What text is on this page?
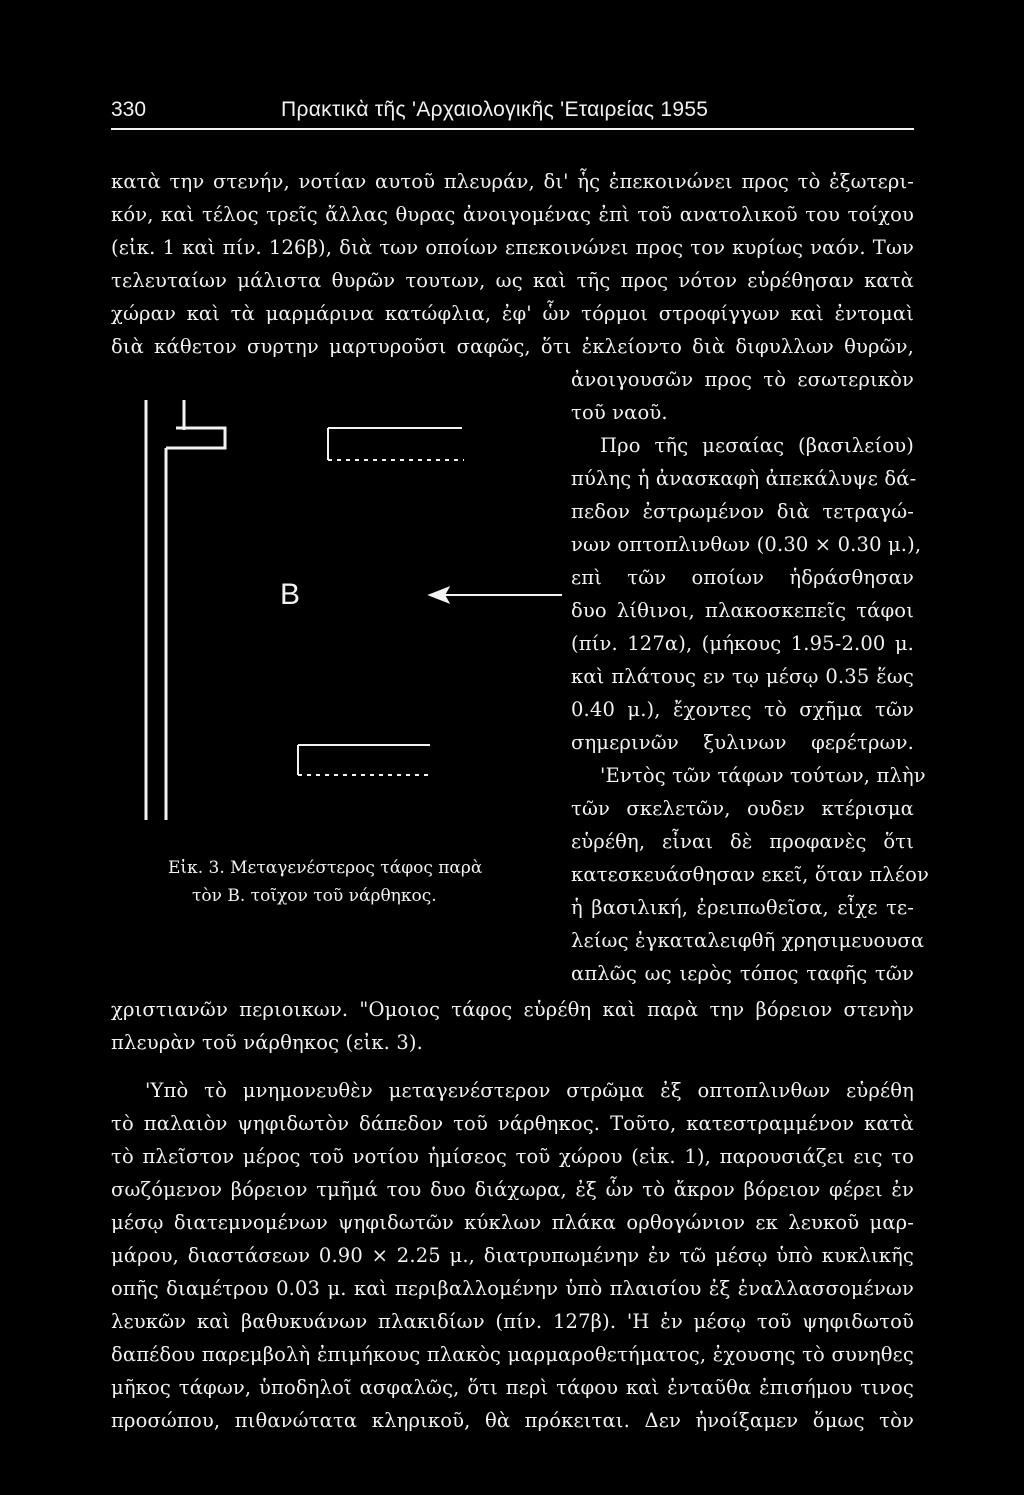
330	Πρακτικὰ τῆς 'Αρχαιολογικῆς 'Εταιρείας 1955
κατὰ την στενήν, νοτίαν αυτοῦ πλευράν, δι' ἧς ἐπεκοινώνει προς τὸ ἐξωτερι-
κόν, καὶ τέλος τρεῖς ἄλλας θυρας ἀνοιγομένας ἐπὶ τοῦ ανατολικοῦ του τοίχου
(εἰκ. 1 καὶ πίν. 126β), διὰ των οποίων επεκοινώνει προς τον κυρίως ναόν. Των
τελευταίων μάλιστα θυρῶν τουτων, ως καὶ τῆς προς νότον εὑρέθησαν κατὰ
χώραν καὶ τὰ μαρμάρινα κατώφλια, ἐφ' ὧν τόρμοι στροφίγγων καὶ ἐντομαὶ
διὰ κάθετον συρτην μαρτυροῦσι σαφῶς, ὅτι ἐκλείοντο διὰ διφυλλων θυρῶν,
ἀνοιγουσῶν προς τὸ εσωτερικὸν
τοῦ ναοῦ.
Προ τῆς μεσαίας (βασιλείου)
πύλης ἡ ἀνασκαφὴ ἀπεκάλυψε δά-
πεδον ἐστρωμένον διὰ τετραγώ-
νων οπτοπλινθων (0.30 × 0.30 μ.),
επὶ τῶν οποίων ἡδράσθησαν
δυο λίθινοι, πλακοσκεπεῖς τάφοι
(πίν. 127α), (μήκους 1.95-2.00 μ.
καὶ πλάτους εν τῳ μέσῳ 0.35 ἕως
0.40 μ.), ἔχοντες τὸ σχῆμα τῶν
σημερινῶν ξυλινων φερέτρων.
'Εντὸς τῶν τάφων τούτων, πλὴν
τῶν σκελετῶν, ουδεν κτέρισμα
εὑρέθη, εἶναι δὲ προφανὲς ὅτι
κατεσκευάσθησαν εκεῖ, ὅταν πλέον
ἡ βασιλική, ἐρειπωθεῖσα, εἶχε τε-
λείως ἐγκαταλειφθῆ χρησιμευουσα
απλῶς ως ιερὸς τόπος ταφῆς τῶν
B
Εἰκ. 3. Μεταγενέστερος τάφος παρὰ
τὸν Β. τοῖχον τοῦ νάρθηκος.
χριστιανῶν περιοικων. "Ομοιος τάφος εὑρέθη καὶ παρὰ την βόρειον στενὴν
πλευρὰν τοῦ νάρθηκος (εἰκ. 3).
'Υπὸ τὸ μνημονευθὲν μεταγενέστερον στρῶμα ἐξ οπτοπλινθων εὑρέθη
τὸ παλαιὸν ψηφιδωτὸν δάπεδον τοῦ νάρθηκος. Τοῦτο, κατεστραμμένον κατὰ
τὸ πλεῖστον μέρος τοῦ νοτίου ἡμίσεος τοῦ χώρου (εἰκ. 1), παρουσιάζει εις το
σωζόμενον βόρειον τμῆμά του δυο διάχωρα, ἐξ ὧν τὸ ἄκρον βόρειον φέρει ἐν
μέσῳ διατεμνομένων ψηφιδωτῶν κύκλων πλάκα ορθογώνιον εκ λευκοῦ μαρ-
μάρου, διαστάσεων 0.90 × 2.25 μ., διατρυπωμένην ἐν τῶ μέσῳ ὑπὸ κυκλικῆς
οπῆς διαμέτρου 0.03 μ. καὶ περιβαλλομένην ὑπὸ πλαισίου ἐξ ἐναλλασσομένων
λευκῶν καὶ βαθυκυάνων πλακιδίων (πίν. 127β). 'Η ἐν μέσῳ τοῦ ψηφιδωτοῦ
δαπέδου παρεμβολὴ ἐπιμήκους πλακὸς μαρμαροθετήματος, ἐχουσης τὸ συνηθες
μῆκος τάφων, ὑποδηλοῖ ασφαλῶς, ὅτι περὶ τάφου καὶ ἐνταῦθα ἐπισήμου τινος
προσώπου, πιθανώτατα κληρικοῦ, θὰ πρόκειται. Δεν ἠνοίξαμεν ὅμως τὸν
